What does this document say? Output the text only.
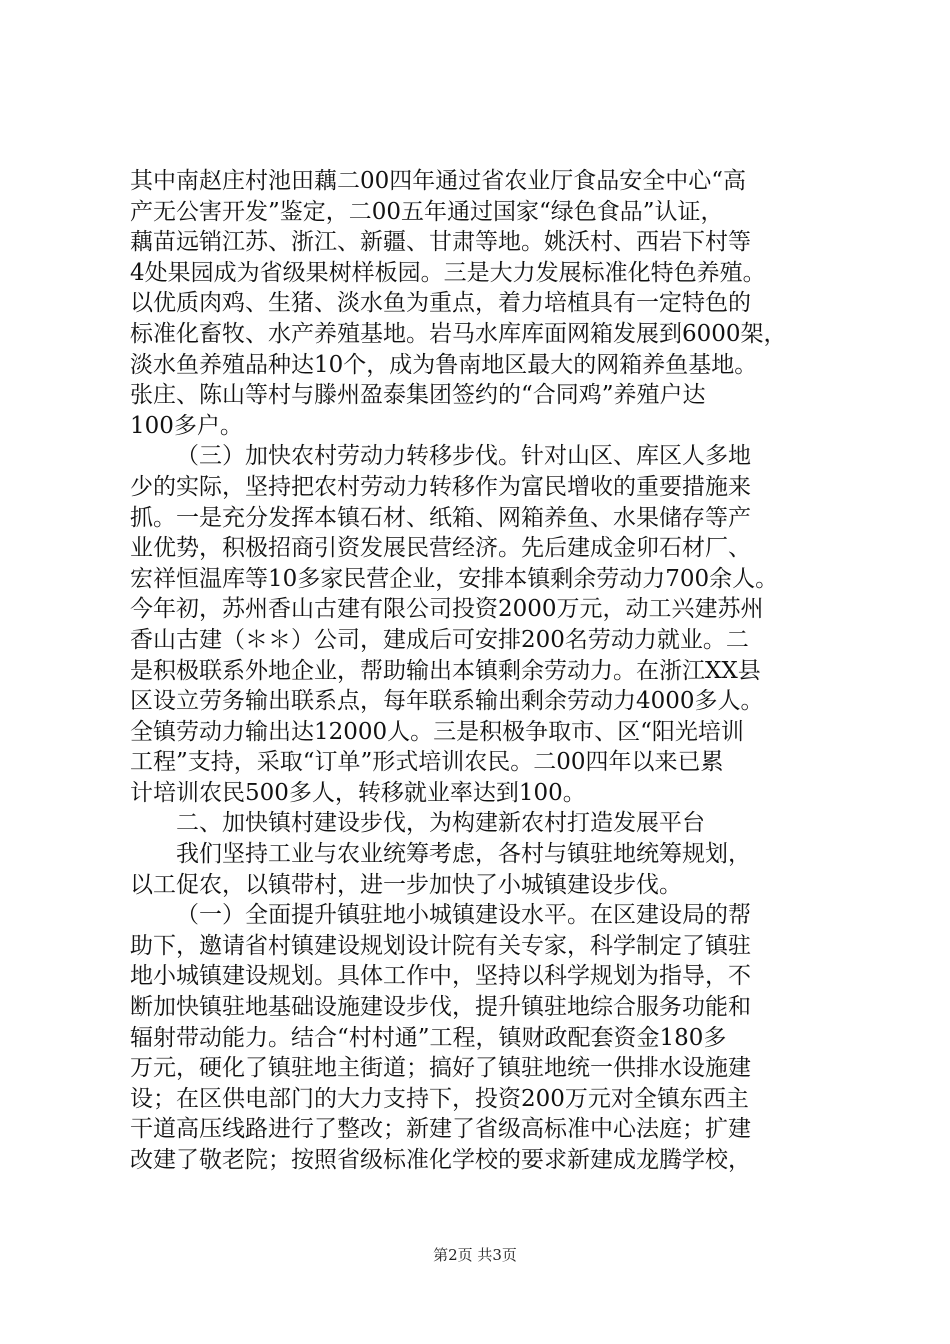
其中南赵庄村池田藕二00四年通过省农业厅食品安全中心“高
产无公害开发”鉴定，二00五年通过国家“绿色食品”认证，
藕苗远销江苏、浙江、新疆、甘肃等地。姚沃村、西岩下村等
4处果园成为省级果树样板园。三是大力发展标准化特色养殖。
以优质肉鸡、生猪、淡水鱼为重点，着力培植具有一定特色的
标准化畜牧、水产养殖基地。岩马水库库面网箱发展到6000架，
淡水鱼养殖品种达10个，成为鲁南地区最大的网箱养鱼基地。
张庄、陈山等村与滕州盈泰集团签约的“合同鸡”养殖户达
100多户。
（三）加快农村劳动力转移步伐。针对山区、库区人多地
少的实际，坚持把农村劳动力转移作为富民增收的重要措施来
抓。一是充分发挥本镇石材、纸箱、网箱养鱼、水果储存等产
业优势，积极招商引资发展民营经济。先后建成金卯石材厂、
宏祥恒温库等10多家民营企业，安排本镇剩余劳动力700余人。
今年初，苏州香山古建有限公司投资2000万元，动工兴建苏州
香山古建（＊＊）公司，建成后可安排200名劳动力就业。二
是积极联系外地企业，帮助输出本镇剩余劳动力。在浙江XX县
区设立劳务输出联系点，每年联系输出剩余劳动力4000多人。
全镇劳动力输出达12000人。三是积极争取市、区“阳光培训
工程”支持，采取“订单”形式培训农民。二00四年以来已累
计培训农民500多人，转移就业率达到100。
二、加快镇村建设步伐，为构建新农村打造发展平台
我们坚持工业与农业统筹考虑，各村与镇驻地统筹规划，
以工促农，以镇带村，进一步加快了小城镇建设步伐。
（一）全面提升镇驻地小城镇建设水平。在区建设局的帮
助下，邀请省村镇建设规划设计院有关专家，科学制定了镇驻
地小城镇建设规划。具体工作中，坚持以科学规划为指导，不
断加快镇驻地基础设施建设步伐，提升镇驻地综合服务功能和
辐射带动能力。结合“村村通”工程，镇财政配套资金180多
万元，硬化了镇驻地主街道；搞好了镇驻地统一供排水设施建
设；在区供电部门的大力支持下，投资200万元对全镇东西主
干道高压线路进行了整改；新建了省级高标准中心法庭；扩建
改建了敬老院；按照省级标准化学校的要求新建成龙腾学校，
第2页 共3页
